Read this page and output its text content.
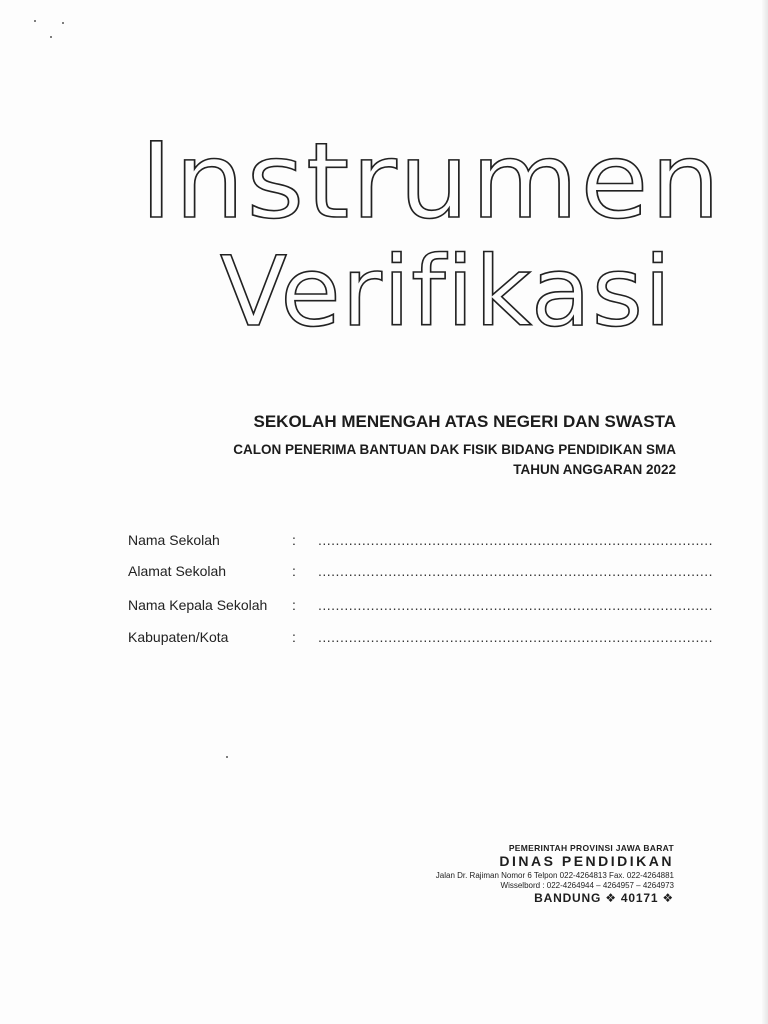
Instrumen
Verifikasi
SEKOLAH MENENGAH ATAS NEGERI DAN SWASTA
CALON PENERIMA BANTUAN DAK FISIK BIDANG PENDIDIKAN SMA
TAHUN ANGGARAN 2022
Nama Sekolah	: ..........................................................................................
Alamat Sekolah	: ..........................................................................................
Nama Kepala Sekolah : ..........................................................................................
Kabupaten/Kota	: ..........................................................................................
PEMERINTAH PROVINSI JAWA BARAT
DINAS PENDIDIKAN
Jalan Dr. Rajiman Nomor 6 Telpon 022-4264813 Fax. 022-4264881
Wisselbord : 022-4264944 – 4264957 – 4264973
BANDUNG ❖ 40171 ❖
